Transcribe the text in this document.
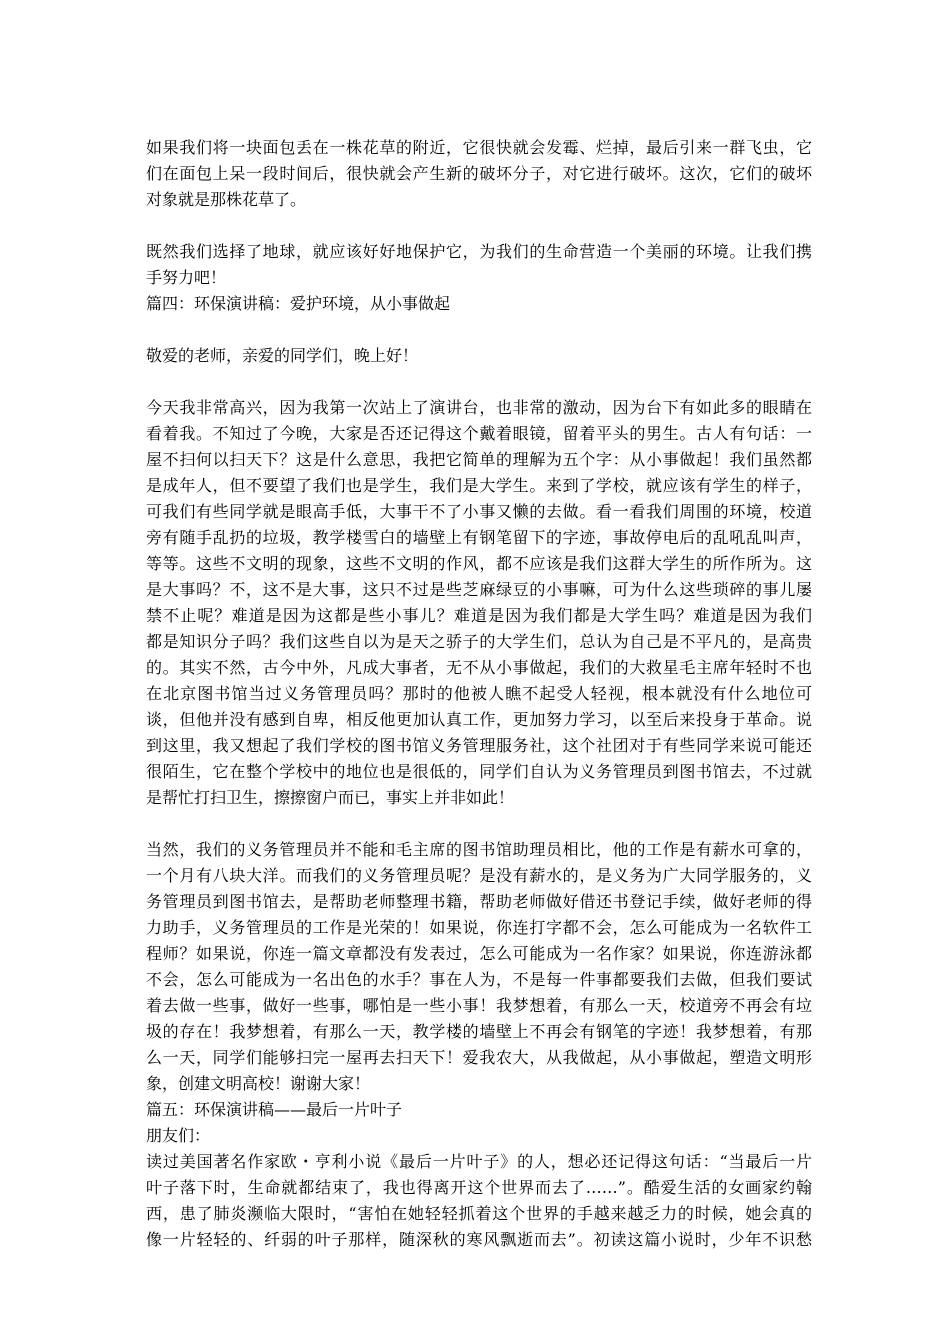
如果我们将一块面包丢在一株花草的附近，它很快就会发霉、烂掉，最后引来一群飞虫，它
们在面包上呆一段时间后，很快就会产生新的破坏分子，对它进行破坏。这次，它们的破坏
对象就是那株花草了。
既然我们选择了地球，就应该好好地保护它，为我们的生命营造一个美丽的环境。让我们携
手努力吧！
篇四：环保演讲稿：爱护环境，从小事做起
敬爱的老师，亲爱的同学们，晚上好！
今天我非常高兴，因为我第一次站上了演讲台，也非常的激动，因为台下有如此多的眼睛在
看着我。不知过了今晚，大家是否还记得这个戴着眼镜，留着平头的男生。古人有句话：一
屋不扫何以扫天下？这是什么意思，我把它简单的理解为五个字：从小事做起！我们虽然都
是成年人，但不要望了我们也是学生，我们是大学生。来到了学校，就应该有学生的样子，
可我们有些同学就是眼高手低，大事干不了小事又懒的去做。看一看我们周围的环境，校道
旁有随手乱扔的垃圾，教学楼雪白的墙壁上有钢笔留下的字迹，事故停电后的乱吼乱叫声，
等等。这些不文明的现象，这些不文明的作风，都不应该是我们这群大学生的所作所为。这
是大事吗？不，这不是大事，这只不过是些芝麻绿豆的小事嘛，可为什么这些琐碎的事儿屡
禁不止呢？难道是因为这都是些小事儿？难道是因为我们都是大学生吗？难道是因为我们
都是知识分子吗？我们这些自以为是天之骄子的大学生们，总认为自己是不平凡的，是高贵
的。其实不然，古今中外，凡成大事者，无不从小事做起，我们的大救星毛主席年轻时不也
在北京图书馆当过义务管理员吗？那时的他被人瞧不起受人轻视，根本就没有什么地位可
谈，但他并没有感到自卑，相反他更加认真工作，更加努力学习，以至后来投身于革命。说
到这里，我又想起了我们学校的图书馆义务管理服务社，这个社团对于有些同学来说可能还
很陌生，它在整个学校中的地位也是很低的，同学们自认为义务管理员到图书馆去，不过就
是帮忙打扫卫生，擦擦窗户而已，事实上并非如此！
当然，我们的义务管理员并不能和毛主席的图书馆助理员相比，他的工作是有薪水可拿的，
一个月有八块大洋。而我们的义务管理员呢？是没有薪水的，是义务为广大同学服务的，义
务管理员到图书馆去，是帮助老师整理书籍，帮助老师做好借还书登记手续，做好老师的得
力助手，义务管理员的工作是光荣的！如果说，你连打字都不会，怎么可能成为一名软件工
程师？如果说，你连一篇文章都没有发表过，怎么可能成为一名作家？如果说，你连游泳都
不会，怎么可能成为一名出色的水手？事在人为，不是每一件事都要我们去做，但我们要试
着去做一些事，做好一些事，哪怕是一些小事！我梦想着，有那么一天，校道旁不再会有垃
圾的存在！我梦想着，有那么一天，教学楼的墙壁上不再会有钢笔的字迹！我梦想着，有那
么一天，同学们能够扫完一屋再去扫天下！爱我农大，从我做起，从小事做起，塑造文明形
象，创建文明高校！谢谢大家！
篇五：环保演讲稿——最后一片叶子
朋友们：
读过美国著名作家欧・亨利小说《最后一片叶子》的人，想必还记得这句话：“当最后一片
叶子落下时，生命就都结束了，我也得离开这个世界而去了……”。酷爱生活的女画家约翰
西，患了肺炎濒临大限时，“害怕在她轻轻抓着这个世界的手越来越乏力的时候，她会真的
像一片轻轻的、纤弱的叶子那样，随深秋的寒风飘逝而去”。初读这篇小说时，少年不识愁
